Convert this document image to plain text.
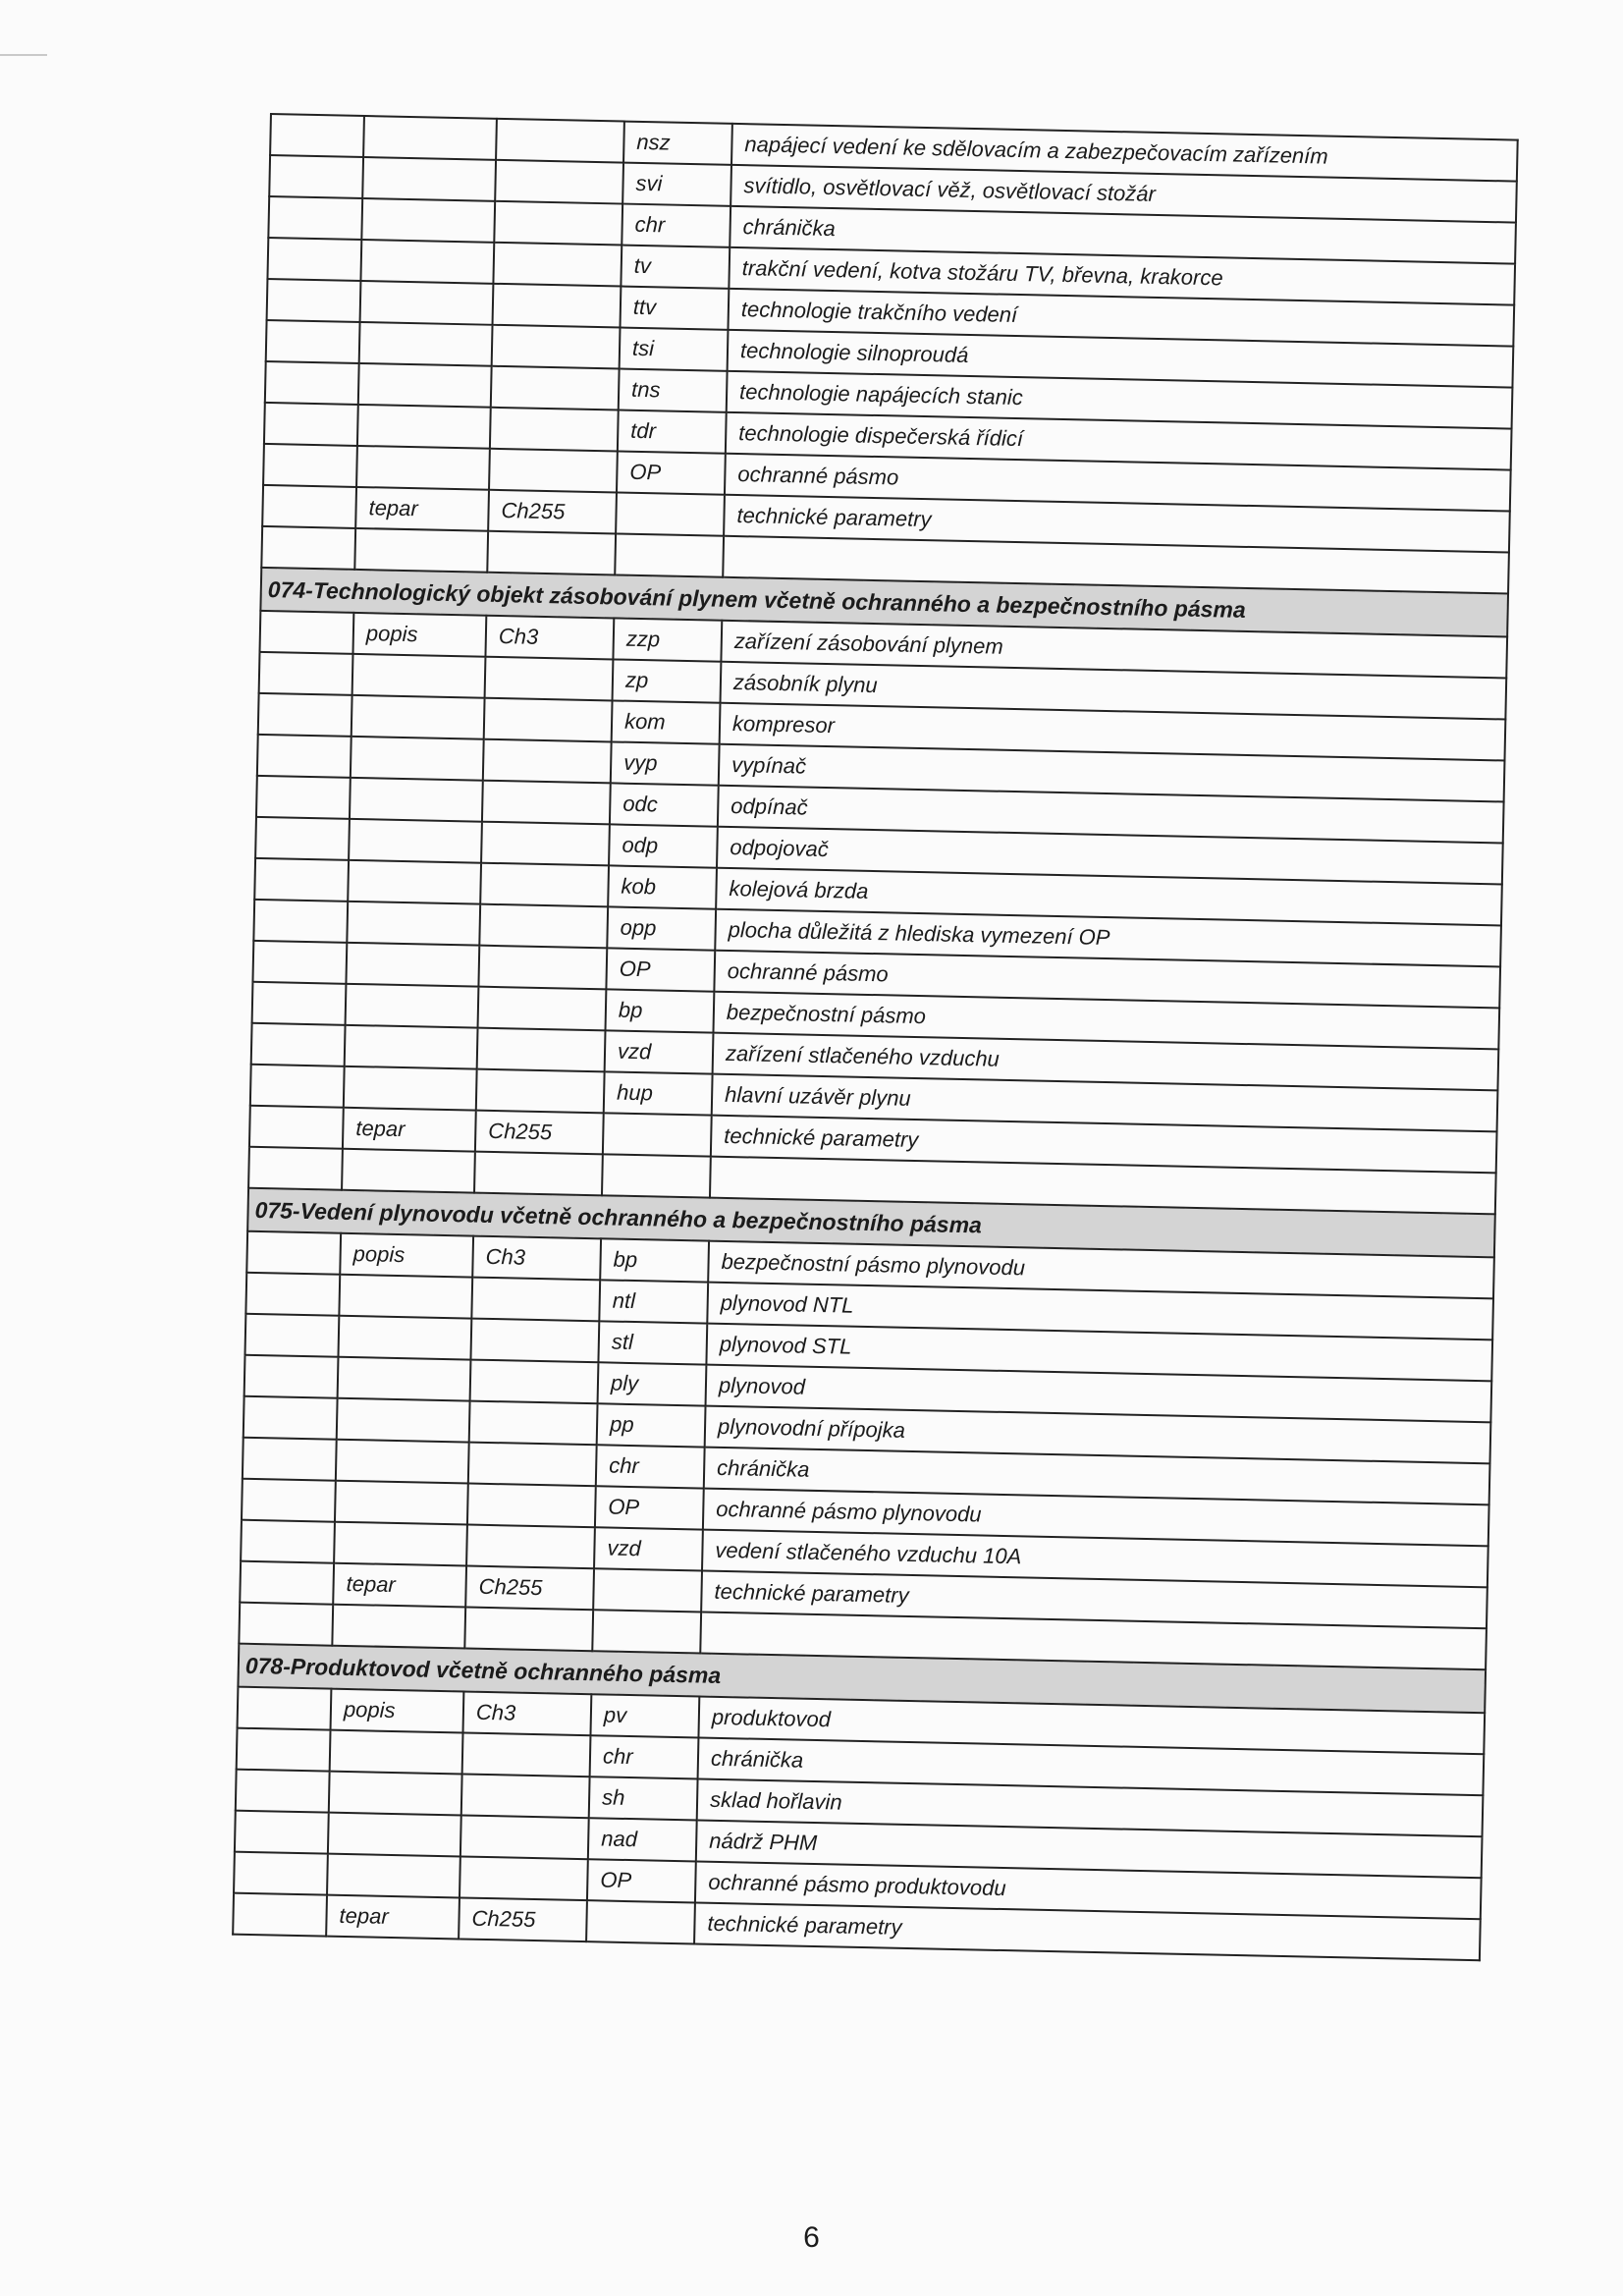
			nsz	napájecí vedení ke sdělovacím a zabezpečovacím zařízením
			svi	svítidlo, osvětlovací věž, osvětlovací stožár
			chr	chránička
			tv	trakční vedení, kotva stožáru TV, břevna, krakorce
			ttv	technologie trakčního vedení
			tsi	technologie silnoproudá
			tns	technologie napájecích stanic
			tdr	technologie dispečerská řídicí
			OP	ochranné pásmo
	tepar	Ch255		technické parametry

074-Technologický objekt zásobování plynem včetně ochranného a bezpečnostního pásma				
	popis	Ch3	zzp	zařízení zásobování plynem
			zp	zásobník plynu
			kom	kompresor
			vyp	vypínač
			odc	odpínač
			odp	odpojovač
			kob	kolejová brzda
			opp	plocha důležitá z hlediska vymezení OP
			OP	ochranné pásmo
			bp	bezpečnostní pásmo
			vzd	zařízení stlačeného vzduchu
			hup	hlavní uzávěr plynu
	tepar	Ch255		technické parametry

075-Vedení plynovodu včetně ochranného a bezpečnostního pásma				
	popis	Ch3	bp	bezpečnostní pásmo plynovodu
			ntl	plynovod NTL
			stl	plynovod STL
			ply	plynovod
			pp	plynovodní přípojka
			chr	chránička
			OP	ochranné pásmo plynovodu
			vzd	vedení stlačeného vzduchu 10A
	tepar	Ch255		technické parametry

078-Produktovod včetně ochranného pásma				
	popis	Ch3	pv	produktovod
			chr	chránička
			sh	sklad hořlavin
			nad	nádrž PHM
			OP	ochranné pásmo produktovodu
	tepar	Ch255		technické parametry
6
